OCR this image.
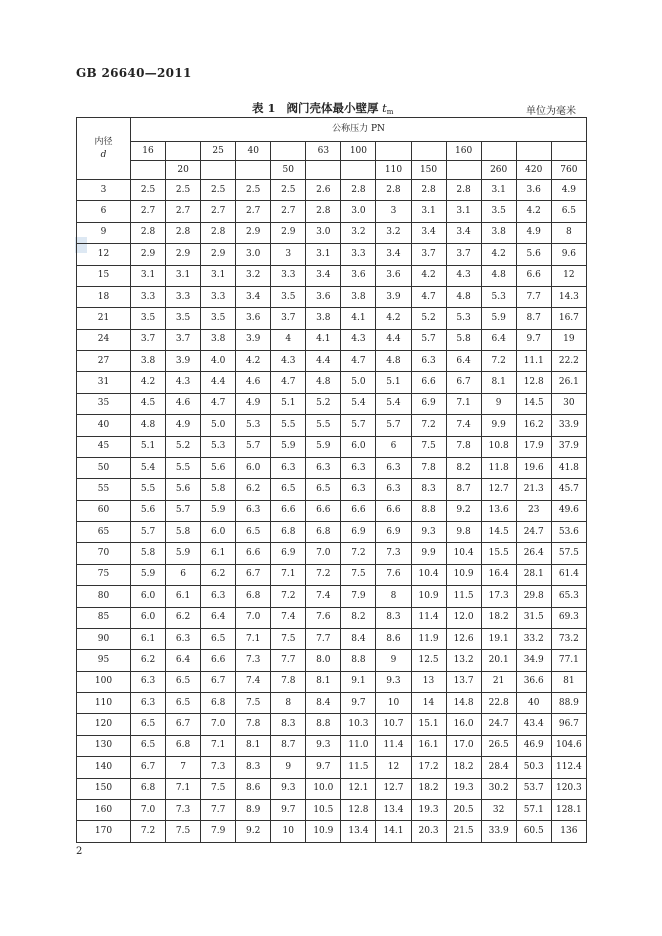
GB 26640—2011
表 1 阀门壳体最小壁厚 $t_m$	单位为毫米
内径
d	公称压力 PN												
	16		25	40		63	100			160			
		20			50			110	150		260	420	760
3	2.5	2.5	2.5	2.5	2.5	2.6	2.8	2.8	2.8	2.8	3.1	3.6	4.9
6	2.7	2.7	2.7	2.7	2.7	2.8	3.0	3	3.1	3.1	3.5	4.2	6.5
9	2.8	2.8	2.8	2.9	2.9	3.0	3.2	3.2	3.4	3.4	3.8	4.9	8
12	2.9	2.9	2.9	3.0	3	3.1	3.3	3.4	3.7	3.7	4.2	5.6	9.6
15	3.1	3.1	3.1	3.2	3.3	3.4	3.6	3.6	4.2	4.3	4.8	6.6	12
18	3.3	3.3	3.3	3.4	3.5	3.6	3.8	3.9	4.7	4.8	5.3	7.7	14.3
21	3.5	3.5	3.5	3.6	3.7	3.8	4.1	4.2	5.2	5.3	5.9	8.7	16.7
24	3.7	3.7	3.8	3.9	4	4.1	4.3	4.4	5.7	5.8	6.4	9.7	19
27	3.8	3.9	4.0	4.2	4.3	4.4	4.7	4.8	6.3	6.4	7.2	11.1	22.2
31	4.2	4.3	4.4	4.6	4.7	4.8	5.0	5.1	6.6	6.7	8.1	12.8	26.1
35	4.5	4.6	4.7	4.9	5.1	5.2	5.4	5.4	6.9	7.1	9	14.5	30
40	4.8	4.9	5.0	5.3	5.5	5.5	5.7	5.7	7.2	7.4	9.9	16.2	33.9
45	5.1	5.2	5.3	5.7	5.9	5.9	6.0	6	7.5	7.8	10.8	17.9	37.9
50	5.4	5.5	5.6	6.0	6.3	6.3	6.3	6.3	7.8	8.2	11.8	19.6	41.8
55	5.5	5.6	5.8	6.2	6.5	6.5	6.3	6.3	8.3	8.7	12.7	21.3	45.7
60	5.6	5.7	5.9	6.3	6.6	6.6	6.6	6.6	8.8	9.2	13.6	23	49.6
65	5.7	5.8	6.0	6.5	6.8	6.8	6.9	6.9	9.3	9.8	14.5	24.7	53.6
70	5.8	5.9	6.1	6.6	6.9	7.0	7.2	7.3	9.9	10.4	15.5	26.4	57.5
75	5.9	6	6.2	6.7	7.1	7.2	7.5	7.6	10.4	10.9	16.4	28.1	61.4
80	6.0	6.1	6.3	6.8	7.2	7.4	7.9	8	10.9	11.5	17.3	29.8	65.3
85	6.0	6.2	6.4	7.0	7.4	7.6	8.2	8.3	11.4	12.0	18.2	31.5	69.3
90	6.1	6.3	6.5	7.1	7.5	7.7	8.4	8.6	11.9	12.6	19.1	33.2	73.2
95	6.2	6.4	6.6	7.3	7.7	8.0	8.8	9	12.5	13.2	20.1	34.9	77.1
100	6.3	6.5	6.7	7.4	7.8	8.1	9.1	9.3	13	13.7	21	36.6	81
110	6.3	6.5	6.8	7.5	8	8.4	9.7	10	14	14.8	22.8	40	88.9
120	6.5	6.7	7.0	7.8	8.3	8.8	10.3	10.7	15.1	16.0	24.7	43.4	96.7
130	6.5	6.8	7.1	8.1	8.7	9.3	11.0	11.4	16.1	17.0	26.5	46.9	104.6
140	6.7	7	7.3	8.3	9	9.7	11.5	12	17.2	18.2	28.4	50.3	112.4
150	6.8	7.1	7.5	8.6	9.3	10.0	12.1	12.7	18.2	19.3	30.2	53.7	120.3
160	7.0	7.3	7.7	8.9	9.7	10.5	12.8	13.4	19.3	20.5	32	57.1	128.1
170	7.2	7.5	7.9	9.2	10	10.9	13.4	14.1	20.3	21.5	33.9	60.5	136
2
